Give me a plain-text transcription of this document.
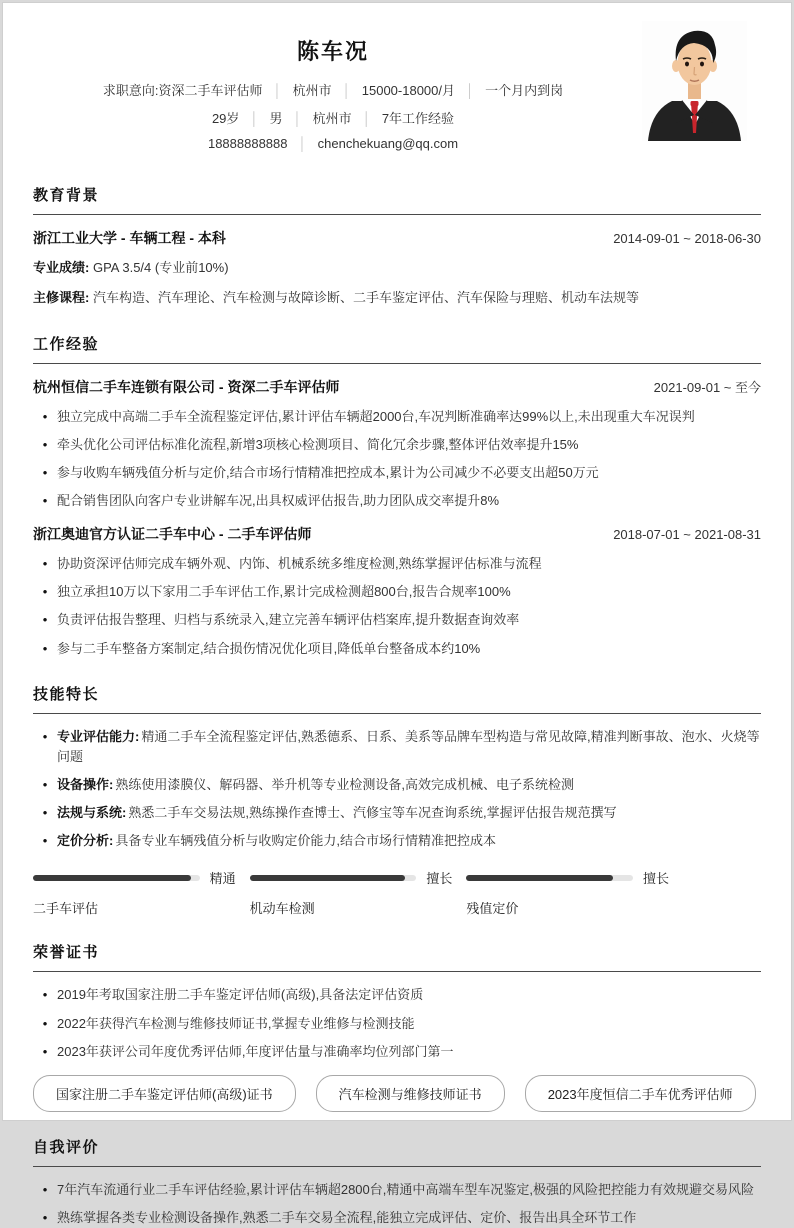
陈车况
求职意向:资深二手车评估师 │ 杭州市 │ 15000-18000/月 │ 一个月内到岗
29岁 │ 男 │ 杭州市 │ 7年工作经验
18888888888 │ chenchekuang@qq.com
教育背景
浙江工业大学 - 车辆工程 - 本科	2014-09-01 ~ 2018-06-30
专业成绩: GPA 3.5/4 (专业前10%)
主修课程: 汽车构造、汽车理论、汽车检测与故障诊断、二手车鉴定评估、汽车保险与理赔、机动车法规等
工作经验
杭州恒信二手车连锁有限公司 - 资深二手车评估师	2021-09-01 ~ 至今
• 独立完成中高端二手车全流程鉴定评估,累计评估车辆超2000台,车况判断准确率达99%以上,未出现重大车况误判
• 牵头优化公司评估标准化流程,新增3项核心检测项目、简化冗余步骤,整体评估效率提升15%
• 参与收购车辆残值分析与定价,结合市场行情精准把控成本,累计为公司减少不必要支出超50万元
• 配合销售团队向客户专业讲解车况,出具权威评估报告,助力团队成交率提升8%
浙江奥迪官方认证二手车中心 - 二手车评估师	2018-07-01 ~ 2021-08-31
• 协助资深评估师完成车辆外观、内饰、机械系统多维度检测,熟练掌握评估标准与流程
• 独立承担10万以下家用二手车评估工作,累计完成检测超800台,报告合规率100%
• 负责评估报告整理、归档与系统录入,建立完善车辆评估档案库,提升数据查询效率
• 参与二手车整备方案制定,结合损伤情况优化项目,降低单台整备成本约10%
技能特长
• 专业评估能力: 精通二手车全流程鉴定评估,熟悉德系、日系、美系等品牌车型构造与常见故障,精准判断事故、泡水、火烧等问题
• 设备操作: 熟练使用漆膜仪、解码器、举升机等专业检测设备,高效完成机械、电子系统检测
• 法规与系统: 熟悉二手车交易法规,熟练操作查博士、汽修宝等车况查询系统,掌握评估报告规范撰写
• 定价分析: 具备专业车辆残值分析与收购定价能力,结合市场行情精准把控成本
精通
二手车评估
擅长
机动车检测
擅长
残值定价
荣誉证书
• 2019年考取国家注册二手车鉴定评估师(高级),具备法定评估资质
• 2022年获得汽车检测与维修技师证书,掌握专业维修与检测技能
• 2023年获评公司年度优秀评估师,年度评估量与准确率均位列部门第一
国家注册二手车鉴定评估师(高级)证书	汽车检测与维修技师证书	2023年度恒信二手车优秀评估师
自我评价
• 7年汽车流通行业二手车评估经验,累计评估车辆超2800台,精通中高端车型车况鉴定,极强的风险把控能力有效规避交易风险
• 熟练掌握各类专业检测设备操作,熟悉二手车交易全流程,能独立完成评估、定价、报告出具全环节工作
